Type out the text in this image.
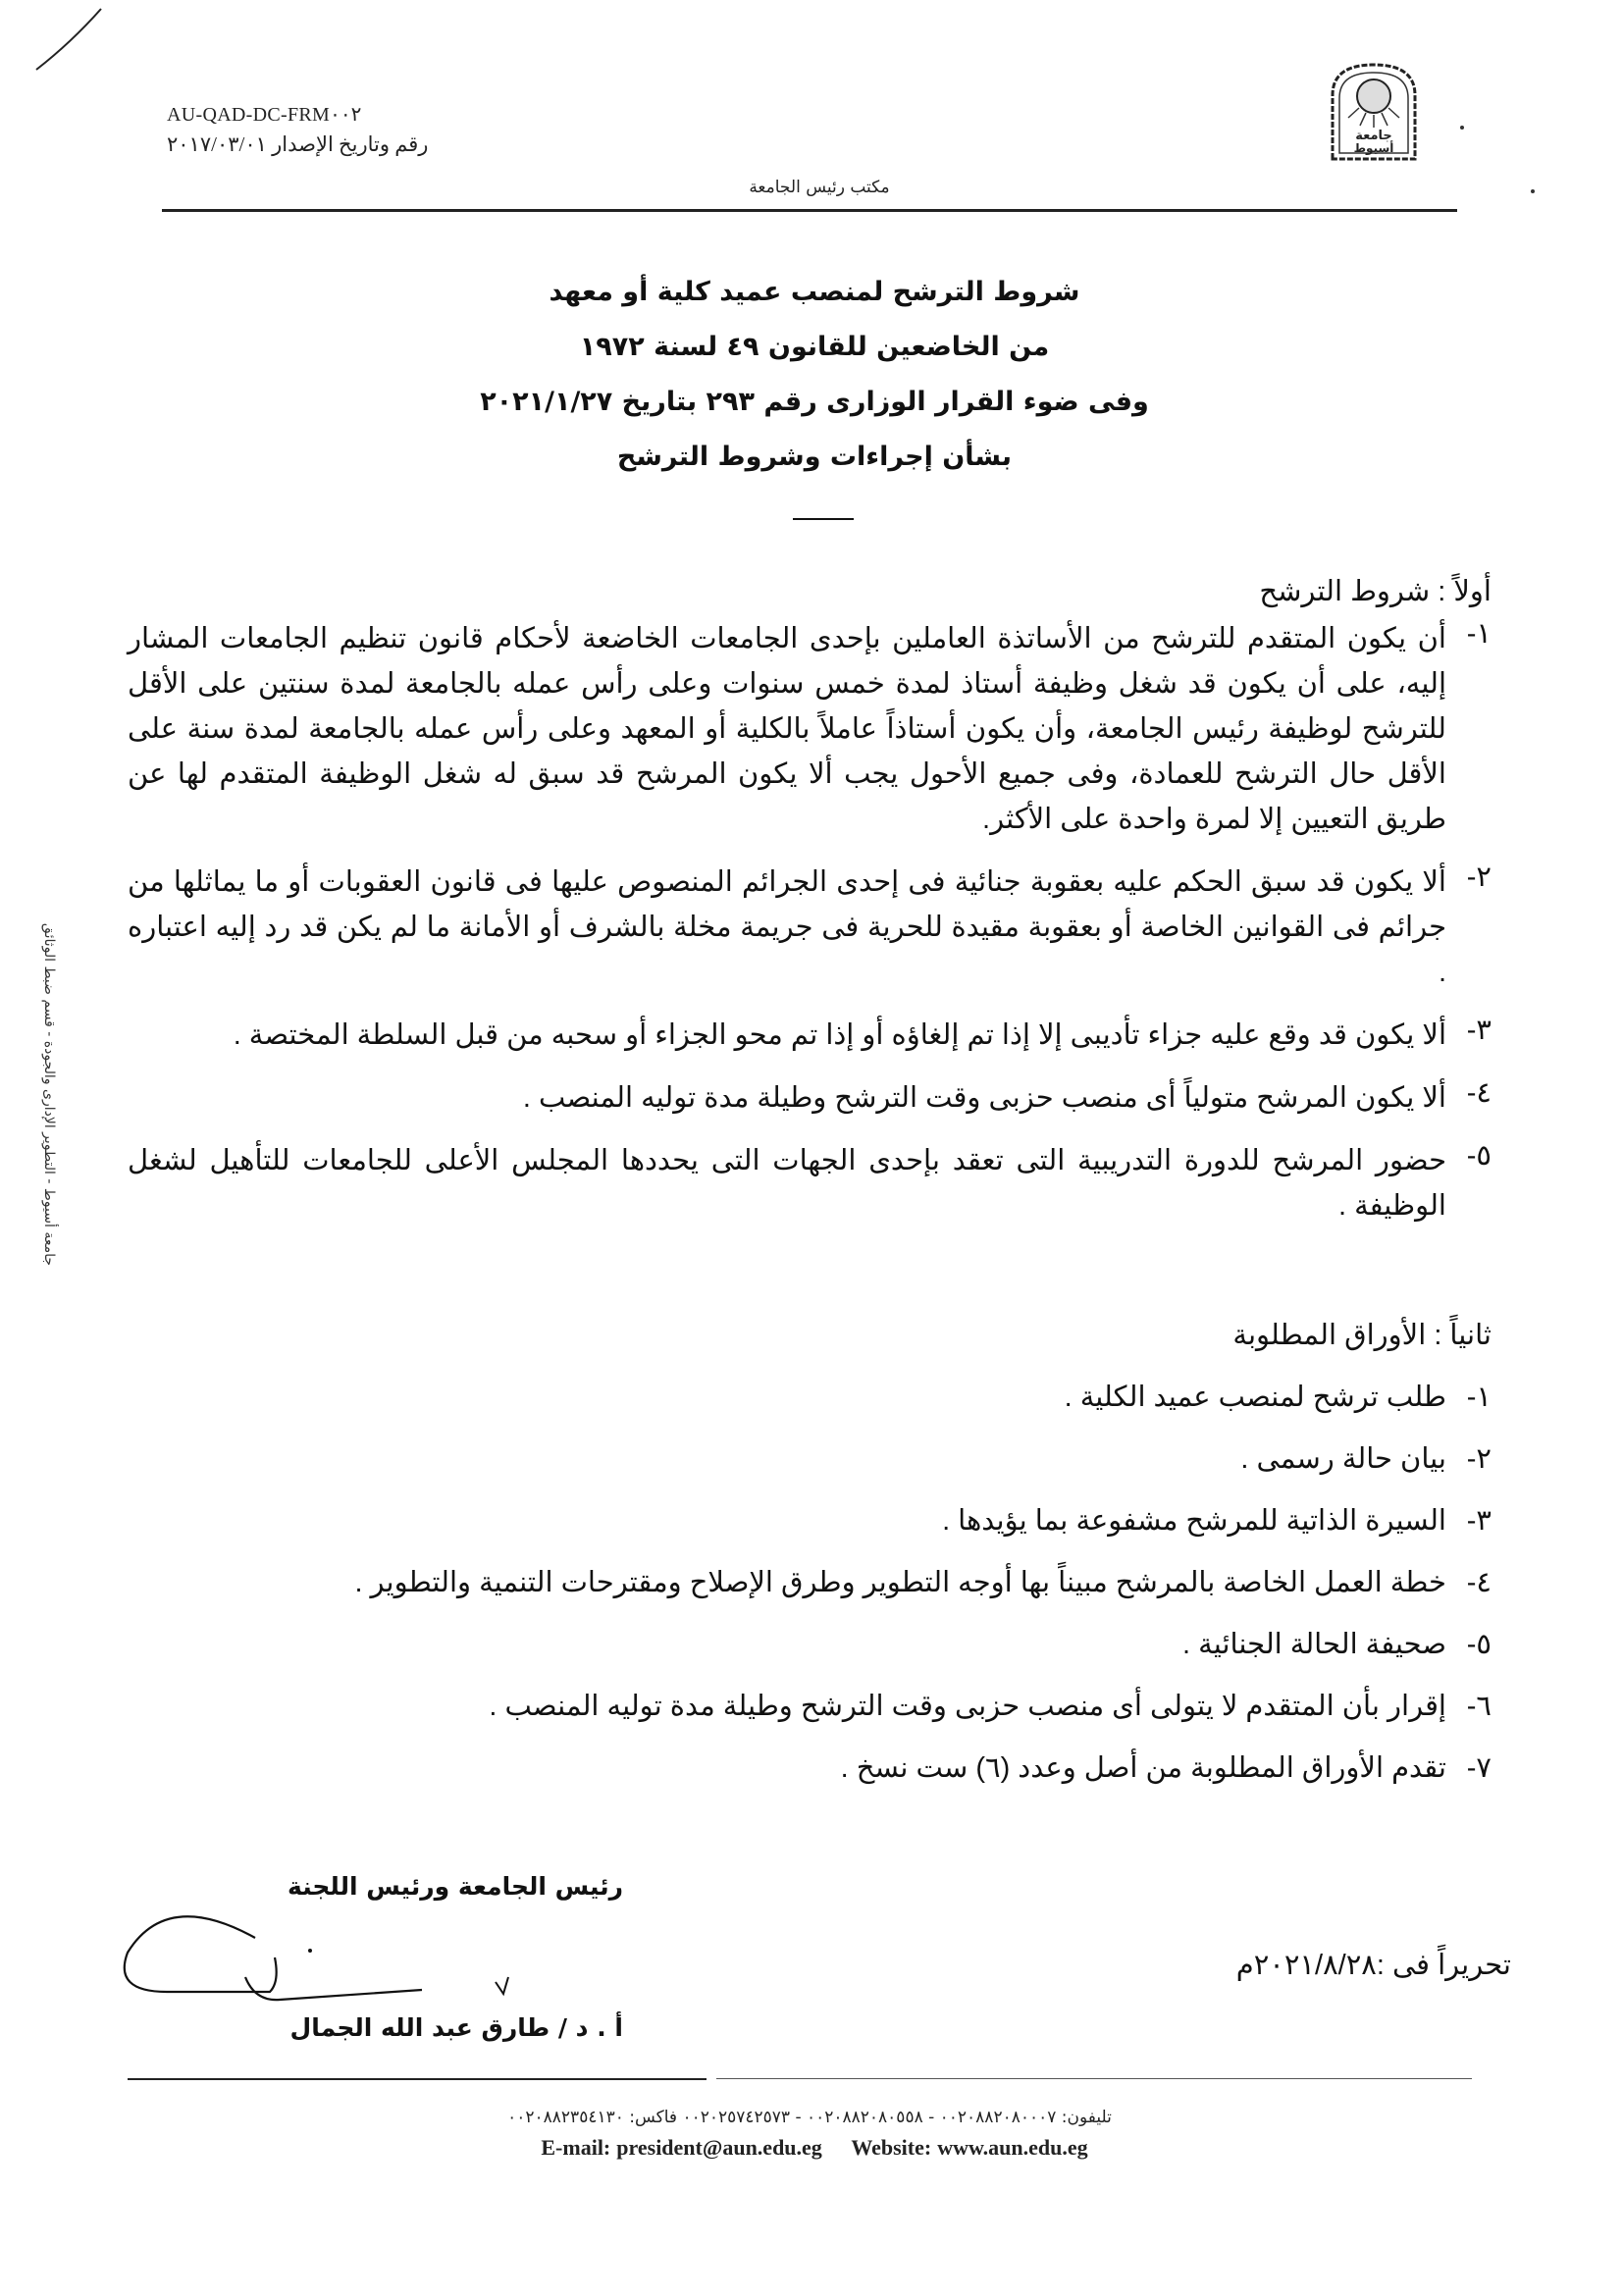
AU-QAD-DC-FRM٠٠٢
رقم وتاريخ الإصدار ٢٠١٧/٠٣/٠١	جامعة
أسيوط
مكتب رئيس الجامعة
جامعة أسيوط - التطوير الإدارى والجودة - قسم ضبط الوثائق
شروط الترشح لمنصب عميد كلية أو معهد
من الخاضعين للقانون ٤٩ لسنة ١٩٧٢
وفى ضوء القرار الوزارى رقم ٢٩٣ بتاريخ ٢٠٢١/١/٢٧
بشأن إجراءات وشروط الترشح
أولاً : شروط الترشح
١-
أن يكون المتقدم للترشح من الأساتذة العاملين بإحدى الجامعات الخاضعة لأحكام قانون تنظيم الجامعات المشار إليه، على أن يكون قد شغل وظيفة أستاذ لمدة خمس سنوات وعلى رأس عمله بالجامعة لمدة سنتين على الأقل للترشح لوظيفة رئيس الجامعة، وأن يكون أستاذاً عاملاً بالكلية أو المعهد وعلى رأس عمله بالجامعة لمدة سنة على الأقل حال الترشح للعمادة، وفى جميع الأحول يجب ألا يكون المرشح قد سبق له شغل الوظيفة المتقدم لها عن طريق التعيين إلا لمرة واحدة على الأكثر.
٢-
ألا يكون قد سبق الحكم عليه بعقوبة جنائية فى إحدى الجرائم المنصوص عليها فى قانون العقوبات أو ما يماثلها من جرائم فى القوانين الخاصة أو بعقوبة مقيدة للحرية فى جريمة مخلة بالشرف أو الأمانة ما لم يكن قد رد إليه اعتباره .
٣-
ألا يكون قد وقع عليه جزاء تأديبى إلا إذا تم إلغاؤه أو إذا تم محو الجزاء أو سحبه من قبل السلطة المختصة .
٤-
ألا يكون المرشح متولياً أى منصب حزبى وقت الترشح وطيلة مدة توليه المنصب .
٥-
حضور المرشح للدورة التدريبية التى تعقد بإحدى الجهات التى يحددها المجلس الأعلى للجامعات للتأهيل لشغل الوظيفة .
ثانياً : الأوراق المطلوبة
١-
طلب ترشح لمنصب عميد الكلية .
٢-
بيان حالة رسمى .
٣-
السيرة الذاتية للمرشح مشفوعة بما يؤيدها .
٤-
خطة العمل الخاصة بالمرشح مبيناً بها أوجه التطوير وطرق الإصلاح ومقترحات التنمية والتطوير .
٥-
صحيفة الحالة الجنائية .
٦-
إقرار بأن المتقدم لا يتولى أى منصب حزبى وقت الترشح وطيلة مدة توليه المنصب .
٧-
تقدم الأوراق المطلوبة من أصل وعدد (٦) ست نسخ .
رئيس الجامعة ورئيس اللجنة
أ . د / طارق عبد الله الجمال
تحريراً فى :٢٠٢١/٨/٢٨م
تليفون: ٠٠٢٠٨٨٢٠٨٠٠٠٧ - ٠٠٢٠٨٨٢٠٨٠٥٥٨ - ٠٠٢٠٢٥٧٤٢٥٧٣ فاكس: ٠٠٢٠٨٨٢٣٥٤١٣٠
E-mail: president@aun.edu.eg Website: www.aun.edu.eg
